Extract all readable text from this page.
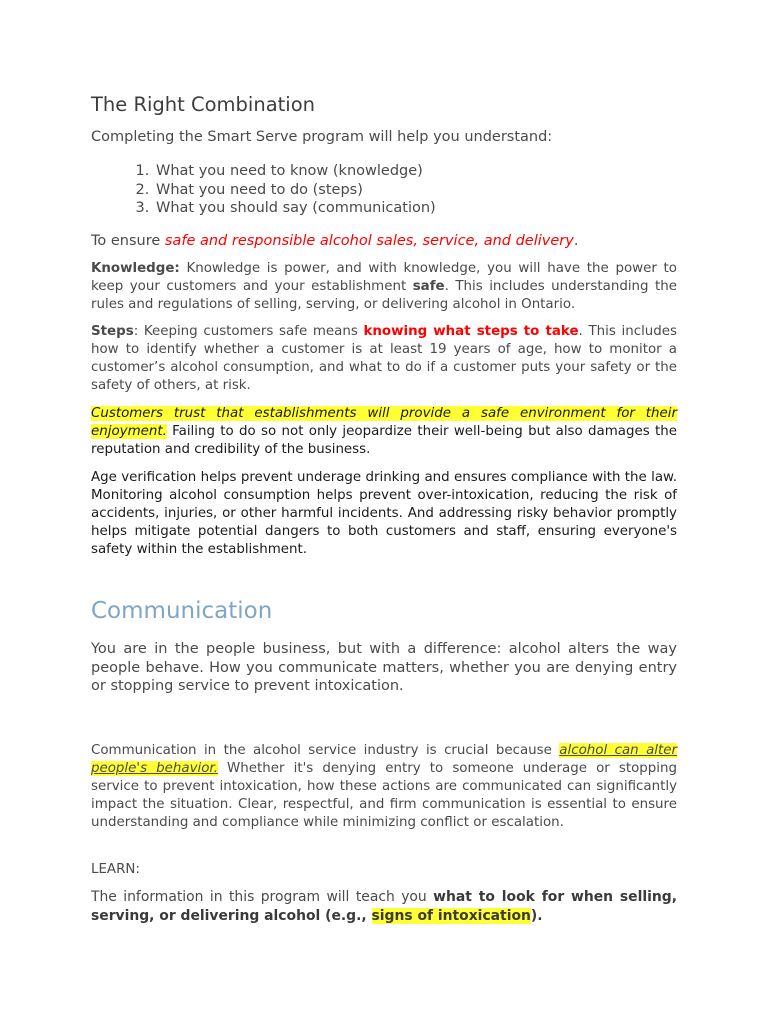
The Right Combination

Completing the Smart Serve program will help you understand:

1. What you need to know (knowledge)
2. What you need to do (steps)
3. What you should say (communication)

To ensure safe and responsible alcohol sales, service, and delivery.

Knowledge: Knowledge is power, and with knowledge, you will have the power to keep your customers and your establishment safe. This includes understanding the rules and regulations of selling, serving, or delivering alcohol in Ontario.

Steps: Keeping customers safe means knowing what steps to take. This includes how to identify whether a customer is at least 19 years of age, how to monitor a customer’s alcohol consumption, and what to do if a customer puts your safety or the safety of others, at risk.

Customers trust that establishments will provide a safe environment for their enjoyment. Failing to do so not only jeopardize their well-being but also damages the reputation and credibility of the business.

Age verification helps prevent underage drinking and ensures compliance with the law. Monitoring alcohol consumption helps prevent over-intoxication, reducing the risk of accidents, injuries, or other harmful incidents. And addressing risky behavior promptly helps mitigate potential dangers to both customers and staff, ensuring everyone's safety within the establishment.

Communication

You are in the people business, but with a difference: alcohol alters the way people behave. How you communicate matters, whether you are denying entry or stopping service to prevent intoxication.

Communication in the alcohol service industry is crucial because alcohol can alter people's behavior. Whether it's denying entry to someone underage or stopping service to prevent intoxication, how these actions are communicated can significantly impact the situation. Clear, respectful, and firm communication is essential to ensure understanding and compliance while minimizing conflict or escalation.

LEARN:

The information in this program will teach you what to look for when selling, serving, or delivering alcohol (e.g., signs of intoxication).
